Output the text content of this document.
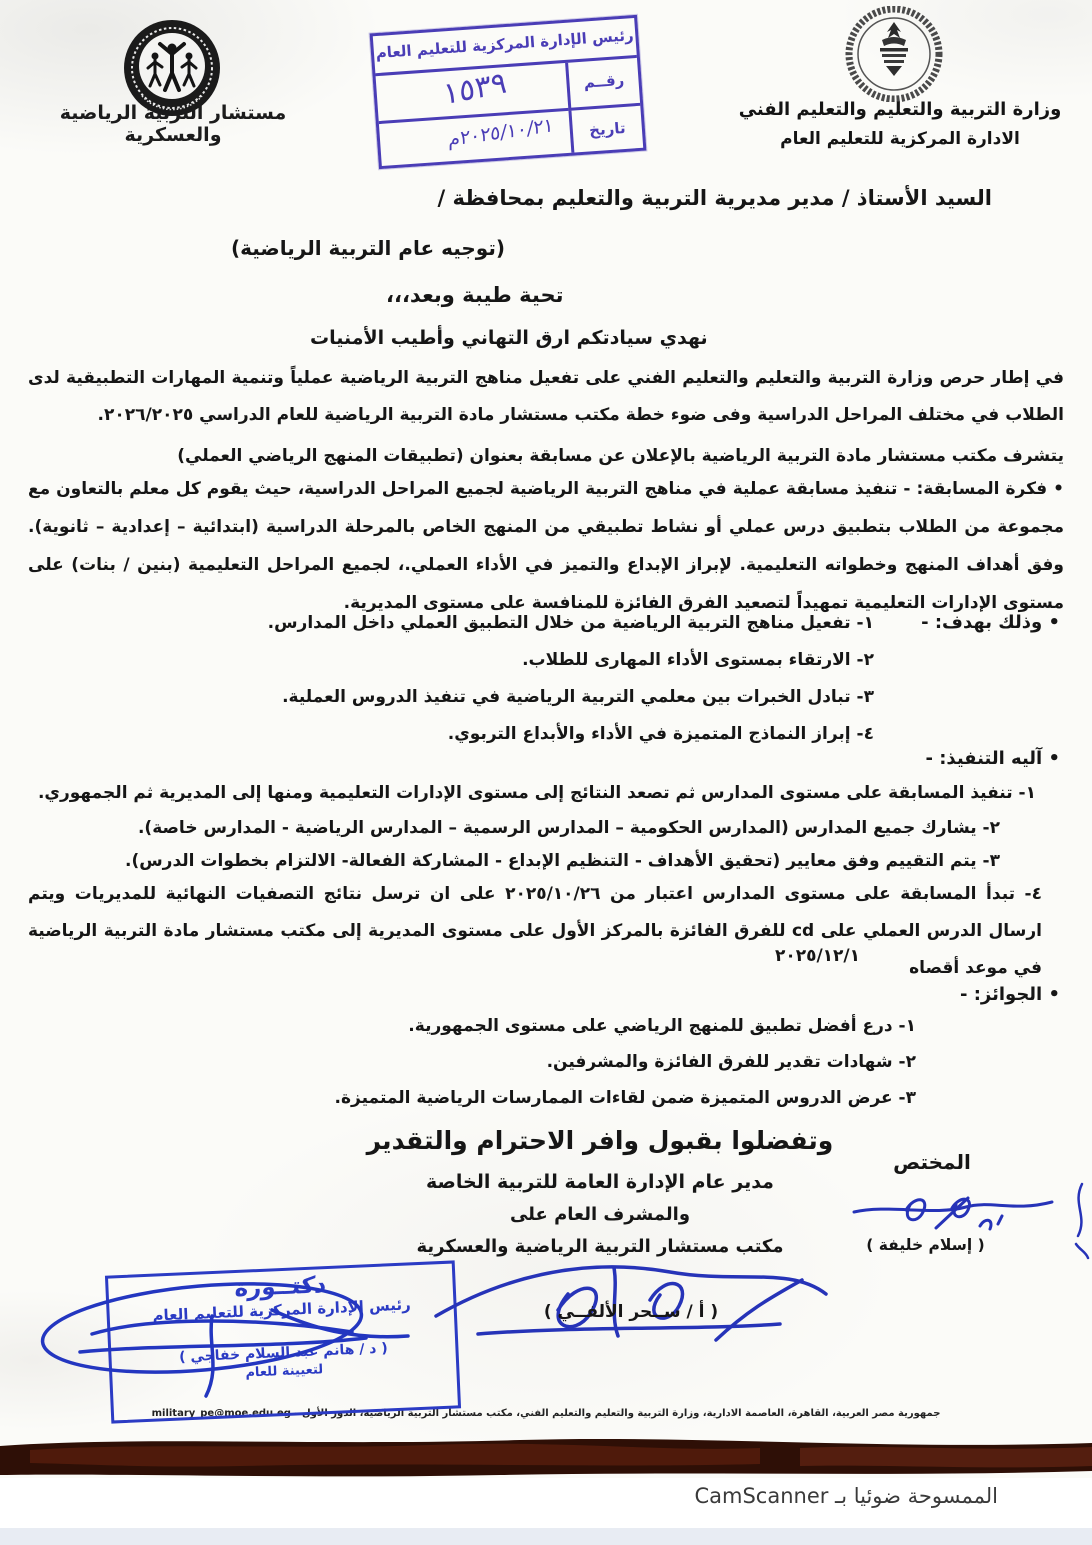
مستشار التربية الرياضية والعسكرية
وزارة التربية والتعليم والتعليم الفني
الادارة المركزية للتعليم العام
رئيس الإدارة المركزية للتعليم العام
رقــم
١٥٣٩
تاريخ
٢٠٢٥/١٠/٢١م
السيد الأستاذ / مدير مديرية التربية والتعليم بمحافظة /
(توجيه عام التربية الرياضية)
تحية طيبة وبعد،،،
نهدي سيادتكم ارق التهاني وأطيب الأمنيات
في إطار حرص وزارة التربية والتعليم والتعليم الفني على تفعيل مناهج التربية الرياضية عملياً وتنمية المهارات التطبيقية لدى الطلاب في مختلف المراحل الدراسية وفى ضوء خطة مكتب مستشار مادة التربية الرياضية للعام الدراسي ٢٠٢٦/٢٠٢٥.
يتشرف مكتب مستشار مادة التربية الرياضية بالإعلان عن مسابقة بعنوان (تطبيقات المنهج الرياضي العملي)
• فكرة المسابقة: - تنفيذ مسابقة عملية في مناهج التربية الرياضية لجميع المراحل الدراسية، حيث يقوم كل معلم بالتعاون مع مجموعة من الطلاب بتطبيق درس عملي أو نشاط تطبيقي من المنهج الخاص بالمرحلة الدراسية (ابتدائية – إعدادية – ثانوية). وفق أهداف المنهج وخطواته التعليمية. لإبراز الإبداع والتميز في الأداء العملي.، لجميع المراحل التعليمية (بنين / بنات) على مستوى الإدارات التعليمية تمهيداً لتصعيد الفرق الفائزة للمنافسة على مستوى المديرية.
• وذلك بهدف: -
١- تفعيل مناهج التربية الرياضية من خلال التطبيق العملي داخل المدارس.
٢- الارتقاء بمستوى الأداء المهارى للطلاب.
٣- تبادل الخبرات بين معلمي التربية الرياضية في تنفيذ الدروس العملية.
٤- إبراز النماذج المتميزة في الأداء والأبداع التربوي.
• آليه التنفيذ: -
١- تنفيذ المسابقة على مستوى المدارس ثم تصعد النتائج إلى مستوى الإدارات التعليمية ومنها إلى المديرية ثم الجمهوري.
٢- يشارك جميع المدارس (المدارس الحكومية – المدارس الرسمية – المدارس الرياضية - المدارس خاصة).
٣- يتم التقييم وفق معايير (تحقيق الأهداف - التنظيم الإبداع - المشاركة الفعالة- الالتزام بخطوات الدرس).
٤- تبدأ المسابقة على مستوى المدارس اعتبار من ٢٠٢٥/١٠/٢٦ على ان ترسل نتائج التصفيات النهائية للمديريات ويتم ارسال الدرس العملي على cd للفرق الفائزة بالمركز الأول على مستوى المديرية إلى مكتب مستشار مادة التربية الرياضية في موعد أقصاه
٢٠٢٥/١٢/١
• الجوائز: -
١- درع أفضل تطبيق للمنهج الرياضي على مستوى الجمهورية.
٢- شهادات تقدير للفرق الفائزة والمشرفين.
٣- عرض الدروس المتميزة ضمن لقاءات الممارسات الرياضية المتميزة.
وتفضلوا بقبول وافر الاحترام والتقدير
مدير عام الإدارة العامة للتربية الخاصة
والمشرف العام على
مكتب مستشار التربية الرياضية والعسكرية
( أ / ســحر الألفــي )
المختص
( إسلام خليفة )
دكتــورة
رئيس الإدارة المركزية للتعليم العام
( د / هانم عبد السلام خفاجي )
لتعيينة للعام
جمهورية مصر العربية، القاهرة، العاصمة الادارية، وزارة التربية والتعليم والتعليم الفني، مكتب مستشار التربية الرياضية، الدور الأول - military_pe@moe.edu.eg
الممسوحة ضوئيا بـ CamScanner
